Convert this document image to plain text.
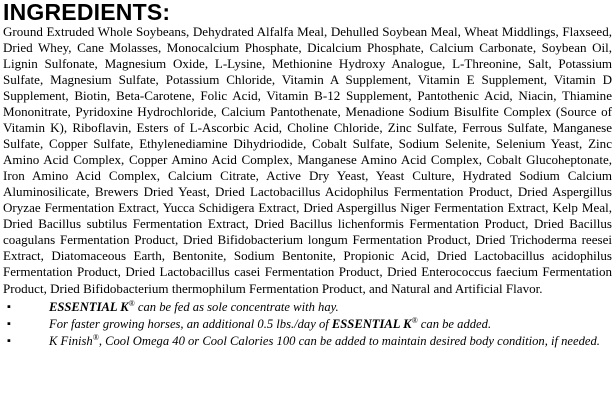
INGREDIENTS:

Ground Extruded Whole Soybeans, Dehydrated Alfalfa Meal, Dehulled Soybean Meal, Wheat Middlings, Flaxseed, Dried Whey, Cane Molasses, Monocalcium Phosphate, Dicalcium Phosphate, Calcium Carbonate, Soybean Oil, Lignin Sulfonate, Magnesium Oxide, L-Lysine, Methionine Hydroxy Analogue, L-Threonine, Salt, Potassium Sulfate, Magnesium Sulfate, Potassium Chloride, Vitamin A Supplement, Vitamin E Supplement, Vitamin D Supplement, Biotin, Beta-Carotene, Folic Acid, Vitamin B-12 Supplement, Pantothenic Acid, Niacin, Thiamine Mononitrate, Pyridoxine Hydrochloride, Calcium Pantothenate, Menadione Sodium Bisulfite Complex (Source of Vitamin K), Riboflavin, Esters of L-Ascorbic Acid, Choline Chloride, Zinc Sulfate, Ferrous Sulfate, Manganese Sulfate, Copper Sulfate, Ethylenediamine Dihydriodide, Cobalt Sulfate, Sodium Selenite, Selenium Yeast, Zinc Amino Acid Complex, Copper Amino Acid Complex, Manganese Amino Acid Complex, Cobalt Glucoheptonate, Iron Amino Acid Complex, Calcium Citrate, Active Dry Yeast, Yeast Culture, Hydrated Sodium Calcium Aluminosilicate, Brewers Dried Yeast, Dried Lactobacillus Acidophilus Fermentation Product, Dried Aspergillus Oryzae Fermentation Extract, Yucca Schidigera Extract, Dried Aspergillus Niger Fermentation Extract, Kelp Meal, Dried Bacillus subtilus Fermentation Extract, Dried Bacillus lichenformis Fermentation Product, Dried Bacillus coagulans Fermentation Product, Dried Bifidobacterium longum Fermentation Product, Dried Trichoderma reesei Extract, Diatomaceous Earth, Bentonite, Sodium Bentonite, Propionic Acid, Dried Lactobacillus acidophilus Fermentation Product, Dried Lactobacillus casei Fermentation Product, Dried Enterococcus faecium Fermentation Product, Dried Bifidobacterium thermophilum Fermentation Product, and Natural and Artificial Flavor.

▪	ESSENTIAL K® can be fed as sole concentrate with hay.
▪	For faster growing horses, an additional 0.5 lbs./day of ESSENTIAL K® can be added.
▪	K Finish®, Cool Omega 40 or Cool Calories 100 can be added to maintain desired body condition, if needed.
